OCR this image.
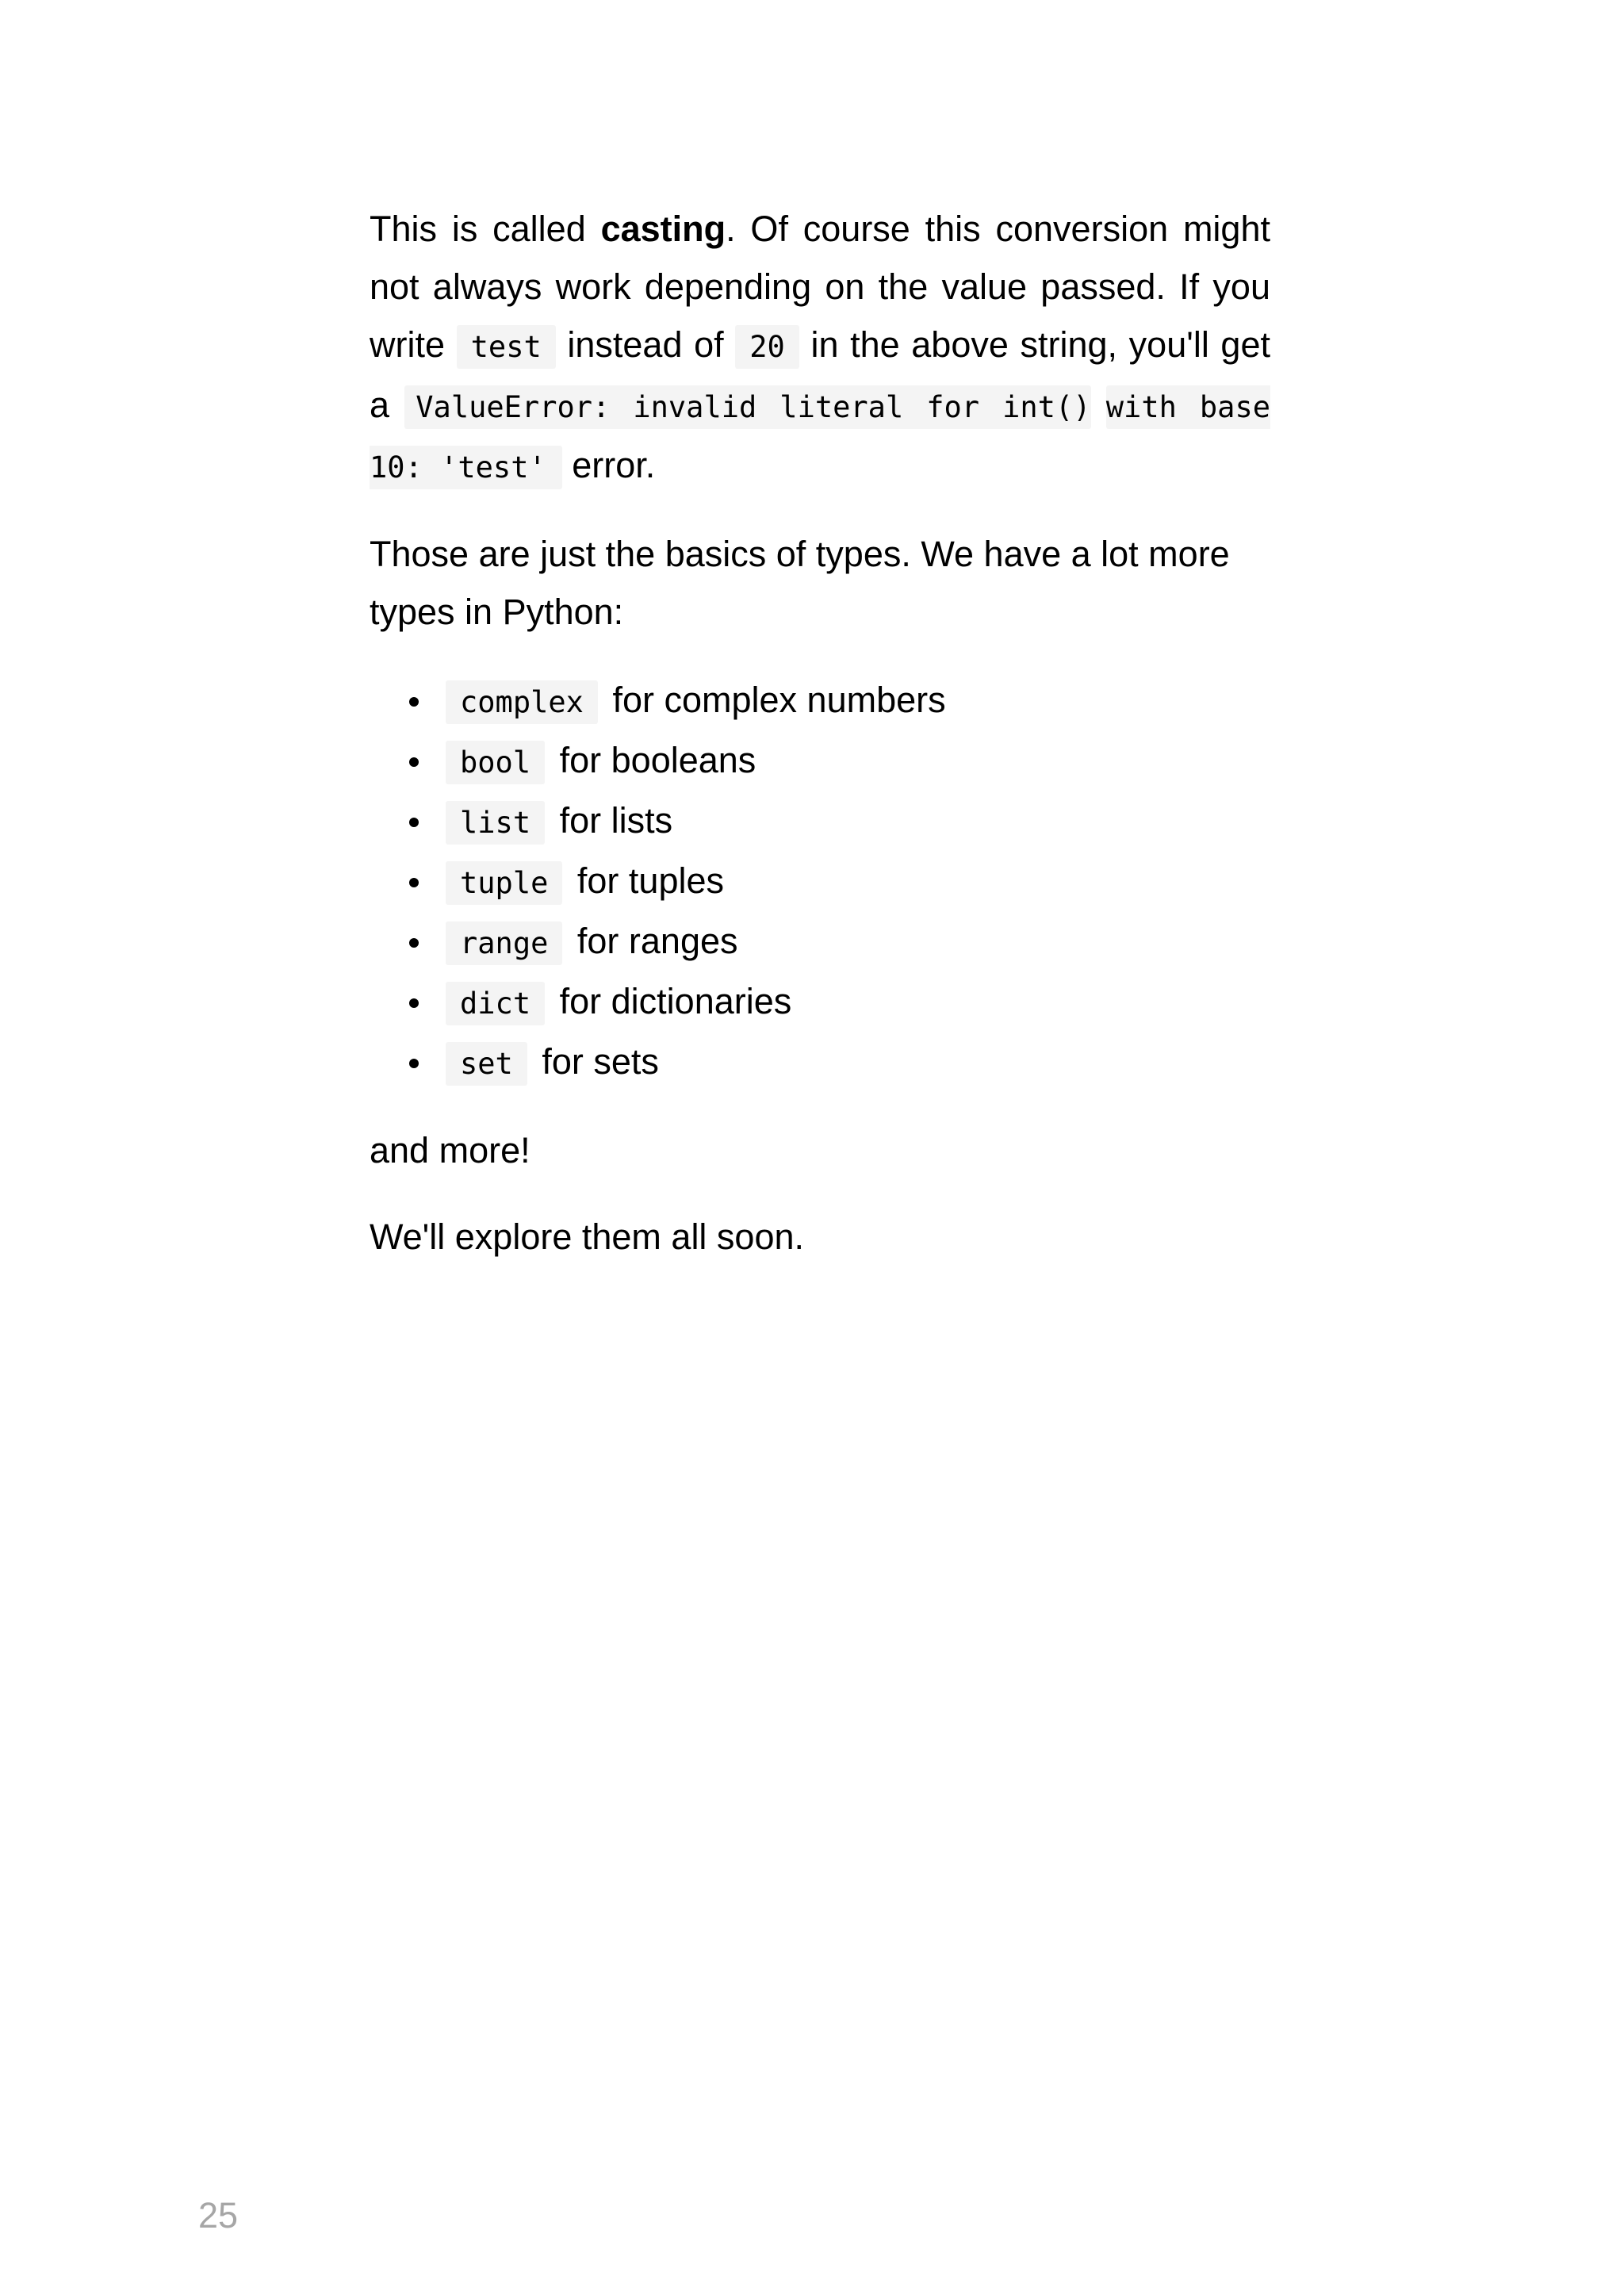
This is called casting. Of course this conversion might not always work depending on the value passed. If you write test instead of 20 in the above string, you'll get a ValueError: invalid literal for int() with base 10: 'test' error.

Those are just the basics of types. We have a lot more types in Python:

complex for complex numbers
bool for booleans
list for lists
tuple for tuples
range for ranges
dict for dictionaries
set for sets

and more!

We'll explore them all soon.

25
